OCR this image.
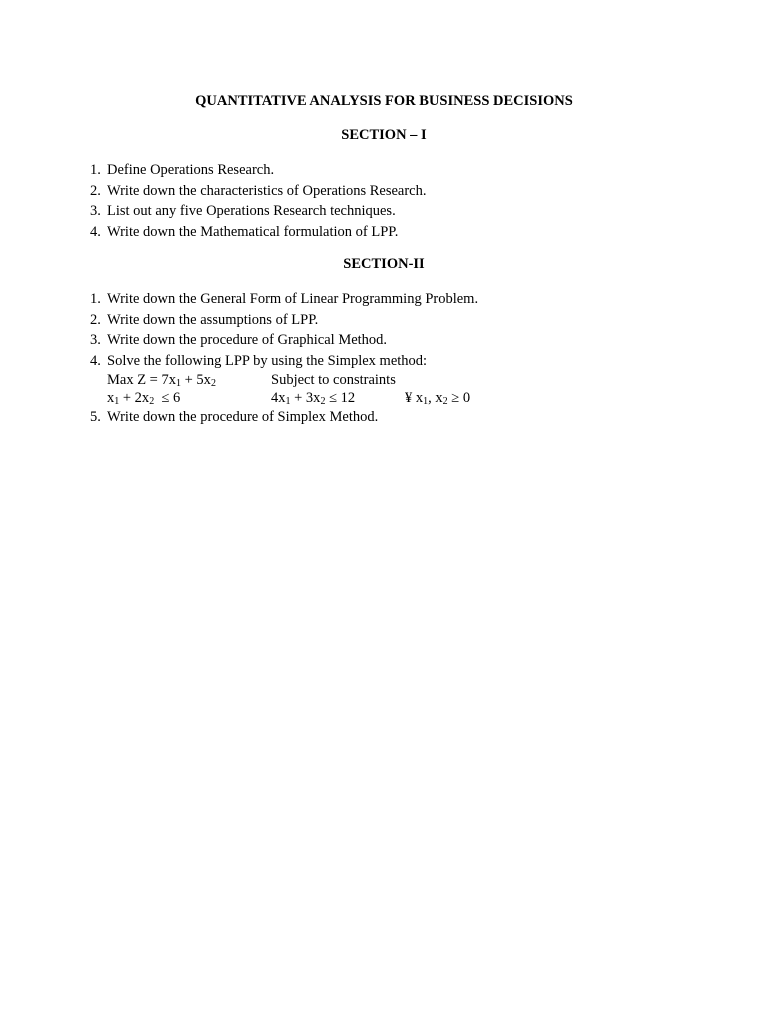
QUANTITATIVE ANALYSIS FOR BUSINESS DECISIONS
SECTION – I
1. Define Operations Research.
2. Write down the characteristics of Operations Research.
3. List out any five Operations Research techniques.
4. Write down the Mathematical formulation of LPP.
SECTION-II
1. Write down the General Form of Linear Programming Problem.
2. Write down the assumptions of LPP.
3. Write down the procedure of Graphical Method.
4. Solve the following LPP by using the Simplex method:
Max $Z = 7x_1 + 5x_2$	Subject to constraints
$x_1 + 2x_2 \le 6$	$4x_1 + 3x_2 \le 12$	¥ $x_1$, $x_2 \ge 0$
5. Write down the procedure of Simplex Method.
